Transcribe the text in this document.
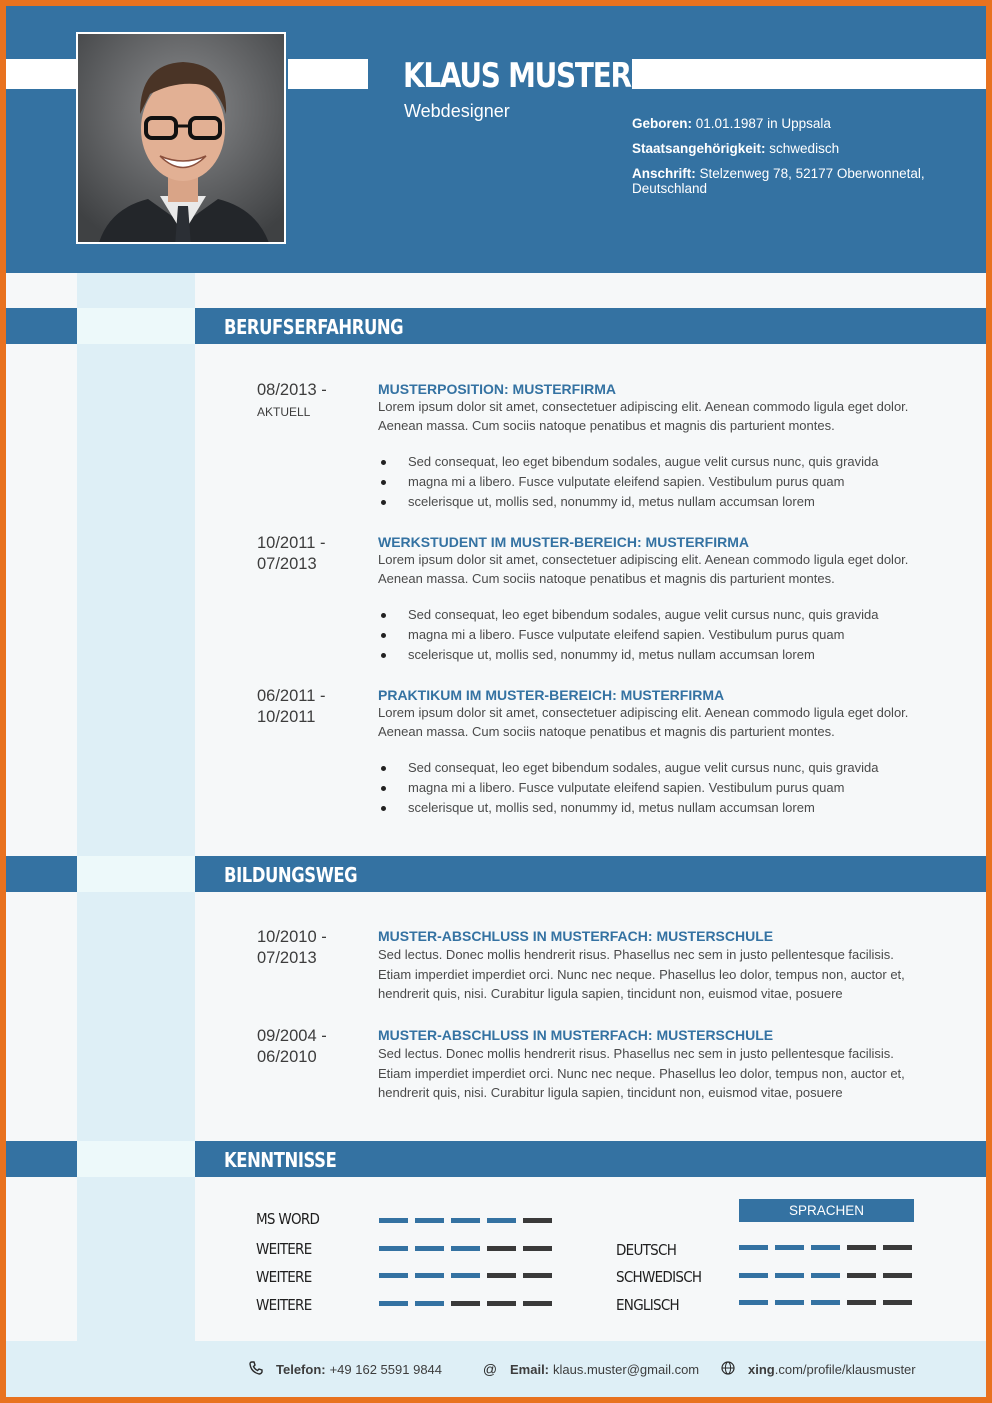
KLAUS MUSTER
Webdesigner
Geboren: 01.01.1987 in Uppsala
Staatsangehörigkeit: schwedisch
Anschrift: Stelzenweg 78, 52177 Oberwonnetal, Deutschland
BERUFSERFAHRUNG
08/2013 -
AKTUELL
MUSTERPOSITION: MUSTERFIRMA
Lorem ipsum dolor sit amet, consectetuer adipiscing elit. Aenean commodo ligula eget dolor. Aenean massa. Cum sociis natoque penatibus et magnis dis parturient montes.
Sed consequat, leo eget bibendum sodales, augue velit cursus nunc, quis gravida
magna mi a libero. Fusce vulputate eleifend sapien. Vestibulum purus quam
scelerisque ut, mollis sed, nonummy id, metus nullam accumsan lorem
10/2011 -
07/2013
WERKSTUDENT IM MUSTER-BEREICH: MUSTERFIRMA
Lorem ipsum dolor sit amet, consectetuer adipiscing elit. Aenean commodo ligula eget dolor. Aenean massa. Cum sociis natoque penatibus et magnis dis parturient montes.
Sed consequat, leo eget bibendum sodales, augue velit cursus nunc, quis gravida
magna mi a libero. Fusce vulputate eleifend sapien. Vestibulum purus quam
scelerisque ut, mollis sed, nonummy id, metus nullam accumsan lorem
06/2011 -
10/2011
PRAKTIKUM IM MUSTER-BEREICH: MUSTERFIRMA
Lorem ipsum dolor sit amet, consectetuer adipiscing elit. Aenean commodo ligula eget dolor. Aenean massa. Cum sociis natoque penatibus et magnis dis parturient montes.
Sed consequat, leo eget bibendum sodales, augue velit cursus nunc, quis gravida
magna mi a libero. Fusce vulputate eleifend sapien. Vestibulum purus quam
scelerisque ut, mollis sed, nonummy id, metus nullam accumsan lorem
BILDUNGSWEG
10/2010 -
07/2013
MUSTER-ABSCHLUSS IN MUSTERFACH: MUSTERSCHULE
Sed lectus. Donec mollis hendrerit risus. Phasellus nec sem in justo pellentesque facilisis. Etiam imperdiet imperdiet orci. Nunc nec neque. Phasellus leo dolor, tempus non, auctor et, hendrerit quis, nisi. Curabitur ligula sapien, tincidunt non, euismod vitae, posuere
09/2004 -
06/2010
MUSTER-ABSCHLUSS IN MUSTERFACH: MUSTERSCHULE
Sed lectus. Donec mollis hendrerit risus. Phasellus nec sem in justo pellentesque facilisis. Etiam imperdiet imperdiet orci. Nunc nec neque. Phasellus leo dolor, tempus non, auctor et, hendrerit quis, nisi. Curabitur ligula sapien, tincidunt non, euismod vitae, posuere
KENNTNISSE
MS WORD
WEITERE
WEITERE
WEITERE
SPRACHEN
DEUTSCH
SCHWEDISCH
ENGLISCH
Telefon: +49 162 5591 9844	@ Email: klaus.muster@gmail.com	xing .com/profile/klausmuster
